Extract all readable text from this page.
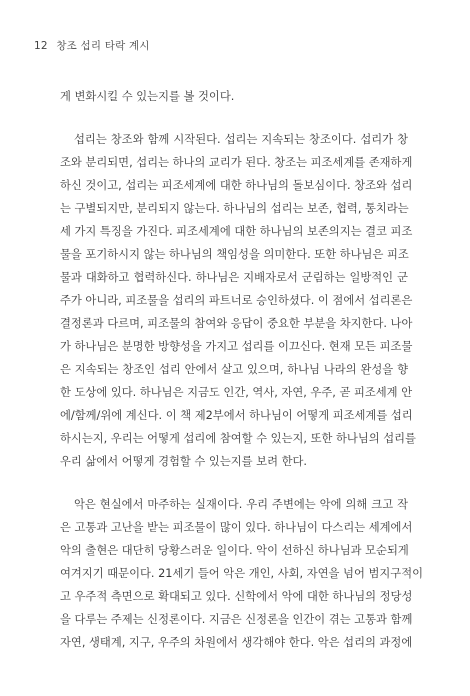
12 창조 섭리 타락 계시
게 변화시킬 수 있는지를 볼 것이다.
섭리는 창조와 함께 시작된다. 섭리는 지속되는 창조이다. 섭리가 창
조와 분리되면, 섭리는 하나의 교리가 된다. 창조는 피조세계를 존재하게
하신 것이고, 섭리는 피조세계에 대한 하나님의 돌보심이다. 창조와 섭리
는 구별되지만, 분리되지 않는다. 하나님의 섭리는 보존, 협력, 통치라는
세 가지 특징을 가진다. 피조세계에 대한 하나님의 보존의지는 결코 피조
물을 포기하시지 않는 하나님의 책임성을 의미한다. 또한 하나님은 피조
물과 대화하고 협력하신다. 하나님은 지배자로서 군림하는 일방적인 군
주가 아니라, 피조물을 섭리의 파트너로 승인하셨다. 이 점에서 섭리론은
결정론과 다르며, 피조물의 참여와 응답이 중요한 부분을 차지한다. 나아
가 하나님은 분명한 방향성을 가지고 섭리를 이끄신다. 현재 모든 피조물
은 지속되는 창조인 섭리 안에서 살고 있으며, 하나님 나라의 완성을 향
한 도상에 있다. 하나님은 지금도 인간, 역사, 자연, 우주, 곧 피조세계 안
에/함께/위에 계신다. 이 책 제2부에서 하나님이 어떻게 피조세계를 섭리
하시는지, 우리는 어떻게 섭리에 참여할 수 있는지, 또한 하나님의 섭리를
우리 삶에서 어떻게 경험할 수 있는지를 보려 한다.
악은 현실에서 마주하는 실재이다. 우리 주변에는 악에 의해 크고 작
은 고통과 고난을 받는 피조물이 많이 있다. 하나님이 다스리는 세계에서
악의 출현은 대단히 당황스러운 일이다. 악이 선하신 하나님과 모순되게
여겨지기 때문이다. 21세기 들어 악은 개인, 사회, 자연을 넘어 범지구적이
고 우주적 측면으로 확대되고 있다. 신학에서 악에 대한 하나님의 정당성
을 다루는 주제는 신정론이다. 지금은 신정론을 인간이 겪는 고통과 함께
자연, 생태계, 지구, 우주의 차원에서 생각해야 한다. 악은 섭리의 과정에
